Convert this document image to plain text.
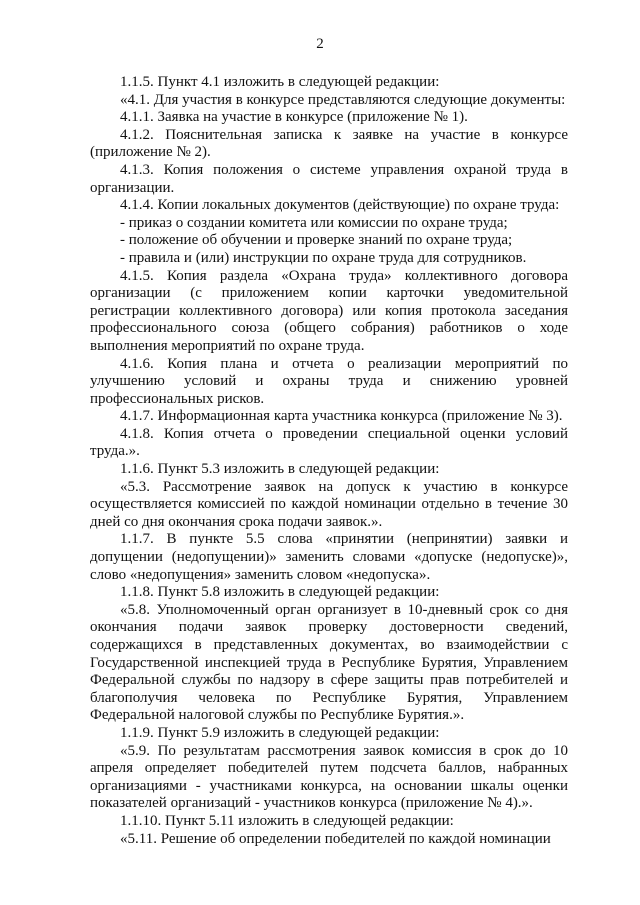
2

1.1.5. Пункт 4.1 изложить в следующей редакции:

«4.1. Для участия в конкурсе представляются следующие документы:

4.1.1. Заявка на участие в конкурсе (приложение № 1).

4.1.2. Пояснительная записка к заявке на участие в конкурсе (приложение № 2).

4.1.3. Копия положения о системе управления охраной труда в организации.

4.1.4. Копии локальных документов (действующие) по охране труда:

- приказ о создании комитета или комиссии по охране труда;

- положение об обучении и проверке знаний по охране труда;

- правила и (или) инструкции по охране труда для сотрудников.

4.1.5. Копия раздела «Охрана труда» коллективного договора организации (с приложением копии карточки уведомительной регистрации коллективного договора) или копия протокола заседания профессионального союза (общего собрания) работников о ходе выполнения мероприятий по охране труда.

4.1.6. Копия плана и отчета о реализации мероприятий по улучшению условий и охраны труда и снижению уровней профессиональных рисков.

4.1.7. Информационная карта участника конкурса (приложение № 3).

4.1.8. Копия отчета о проведении специальной оценки условий труда.».

1.1.6. Пункт 5.3 изложить в следующей редакции:

«5.3. Рассмотрение заявок на допуск к участию в конкурсе осуществляется комиссией по каждой номинации отдельно в течение 30 дней со дня окончания срока подачи заявок.».

1.1.7. В пункте 5.5 слова «принятии (непринятии) заявки и допущении (недопущении)» заменить словами «допуске (недопуске)», слово «недопущения» заменить словом «недопуска».

1.1.8. Пункт 5.8 изложить в следующей редакции:

«5.8. Уполномоченный орган организует в 10-дневный срок со дня окончания подачи заявок проверку достоверности сведений, содержащихся в представленных документах, во взаимодействии с Государственной инспекцией труда в Республике Бурятия, Управлением Федеральной службы по надзору в сфере защиты прав потребителей и благополучия человека по Республике Бурятия, Управлением Федеральной налоговой службы по Республике Бурятия.».

1.1.9. Пункт 5.9 изложить в следующей редакции:

«5.9. По результатам рассмотрения заявок комиссия в срок до 10 апреля определяет победителей путем подсчета баллов, набранных организациями - участниками конкурса, на основании шкалы оценки показателей организаций - участников конкурса (приложение № 4).».

1.1.10. Пункт 5.11 изложить в следующей редакции:

«5.11. Решение об определении победителей по каждой номинации
